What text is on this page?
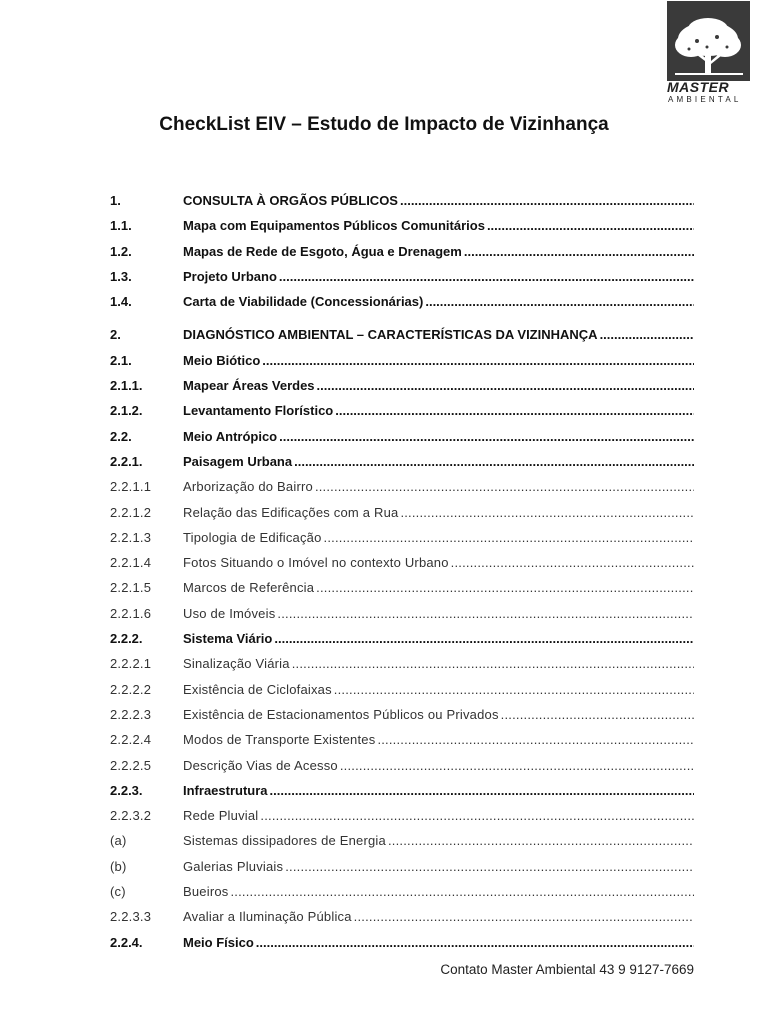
MASTER
AMBIENTAL
CheckList EIV – Estudo de Impacto de Vizinhança
1.	CONSULTA À ORGÃOS PÚBLICOS
.....
1.1.	Mapa com Equipamentos Públicos Comunitários
.....
1.2.	Mapas de Rede de Esgoto, Água e Drenagem
.....
1.3.	Projeto Urbano
.....
1.4.	Carta de Viabilidade (Concessionárias)
.....
2.	DIAGNÓSTICO AMBIENTAL – CARACTERÍSTICAS DA VIZINHANÇA
.....
2.1.	Meio Biótico
.....
2.1.1.	Mapear Áreas Verdes
.....
2.1.2.	Levantamento Florístico
.....
2.2.	Meio Antrópico
.....
2.2.1.	Paisagem Urbana
.....
2.2.1.1	Arborização do Bairro
.....
2.2.1.2	Relação das Edificações com a Rua
.....
2.2.1.3	Tipologia de Edificação
.....
2.2.1.4	Fotos Situando o Imóvel no contexto Urbano
.....
2.2.1.5	Marcos de Referência
.....
2.2.1.6	Uso de Imóveis
.....
2.2.2.	Sistema Viário
.....
2.2.2.1	Sinalização Viária
.....
2.2.2.2	Existência de Ciclofaixas
.....
2.2.2.3	Existência de Estacionamentos Públicos ou Privados
.....
2.2.2.4	Modos de Transporte Existentes
.....
2.2.2.5	Descrição Vias de Acesso
.....
2.2.3.	Infraestrutura
.....
2.2.3.2	Rede Pluvial
.....
(a)	Sistemas dissipadores de Energia
.....
(b)	Galerias Pluviais
.....
(c)	Bueiros
.....
2.2.3.3	Avaliar a Iluminação Pública
.....
2.2.4.	Meio Físico
.....
Contato Master Ambiental 43 9 9127-7669
